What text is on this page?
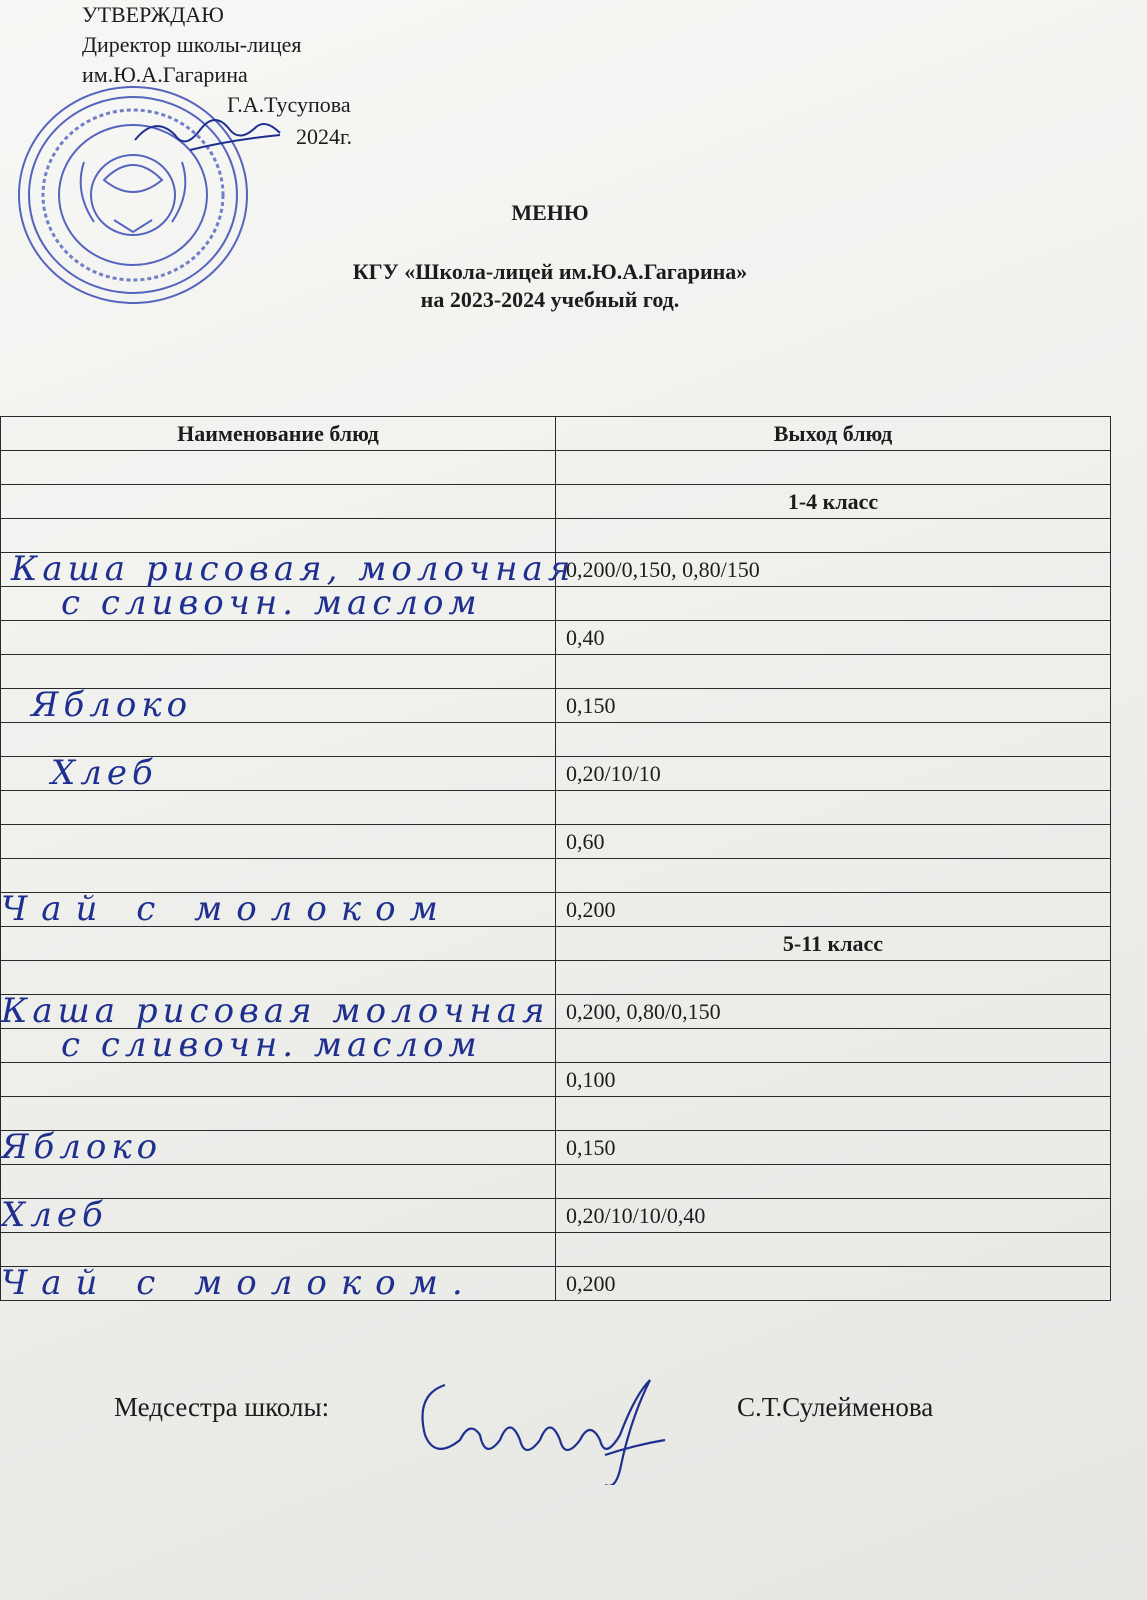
УТВЕРЖДАЮ
Директор школы-лицея
им.Ю.А.Гагарина
Г.А.Тусупова
2024г.
МЕНЮ
КГУ «Школа-лицей им.Ю.А.Гагарина»
на 2023-2024 учебный год.
Наименование блюд	Выход блюд

	1-4 класс

Каша рисовая, молочная	0,200/0,150, 0,80/150

с сливочн. маслом	

	0,40

Яблоко	0,150

Хлеб	0,20/10/10

	0,60

Чай с молоком	0,200
	5-11 класс

Каша рисовая молочная	0,200, 0,80/0,150

с сливочн. маслом	

	0,100

Яблоко	0,150

Хлеб	0,20/10/10/0,40

Чай с молоком.	0,200
Медсестра школы:	С.Т.Сулейменова
